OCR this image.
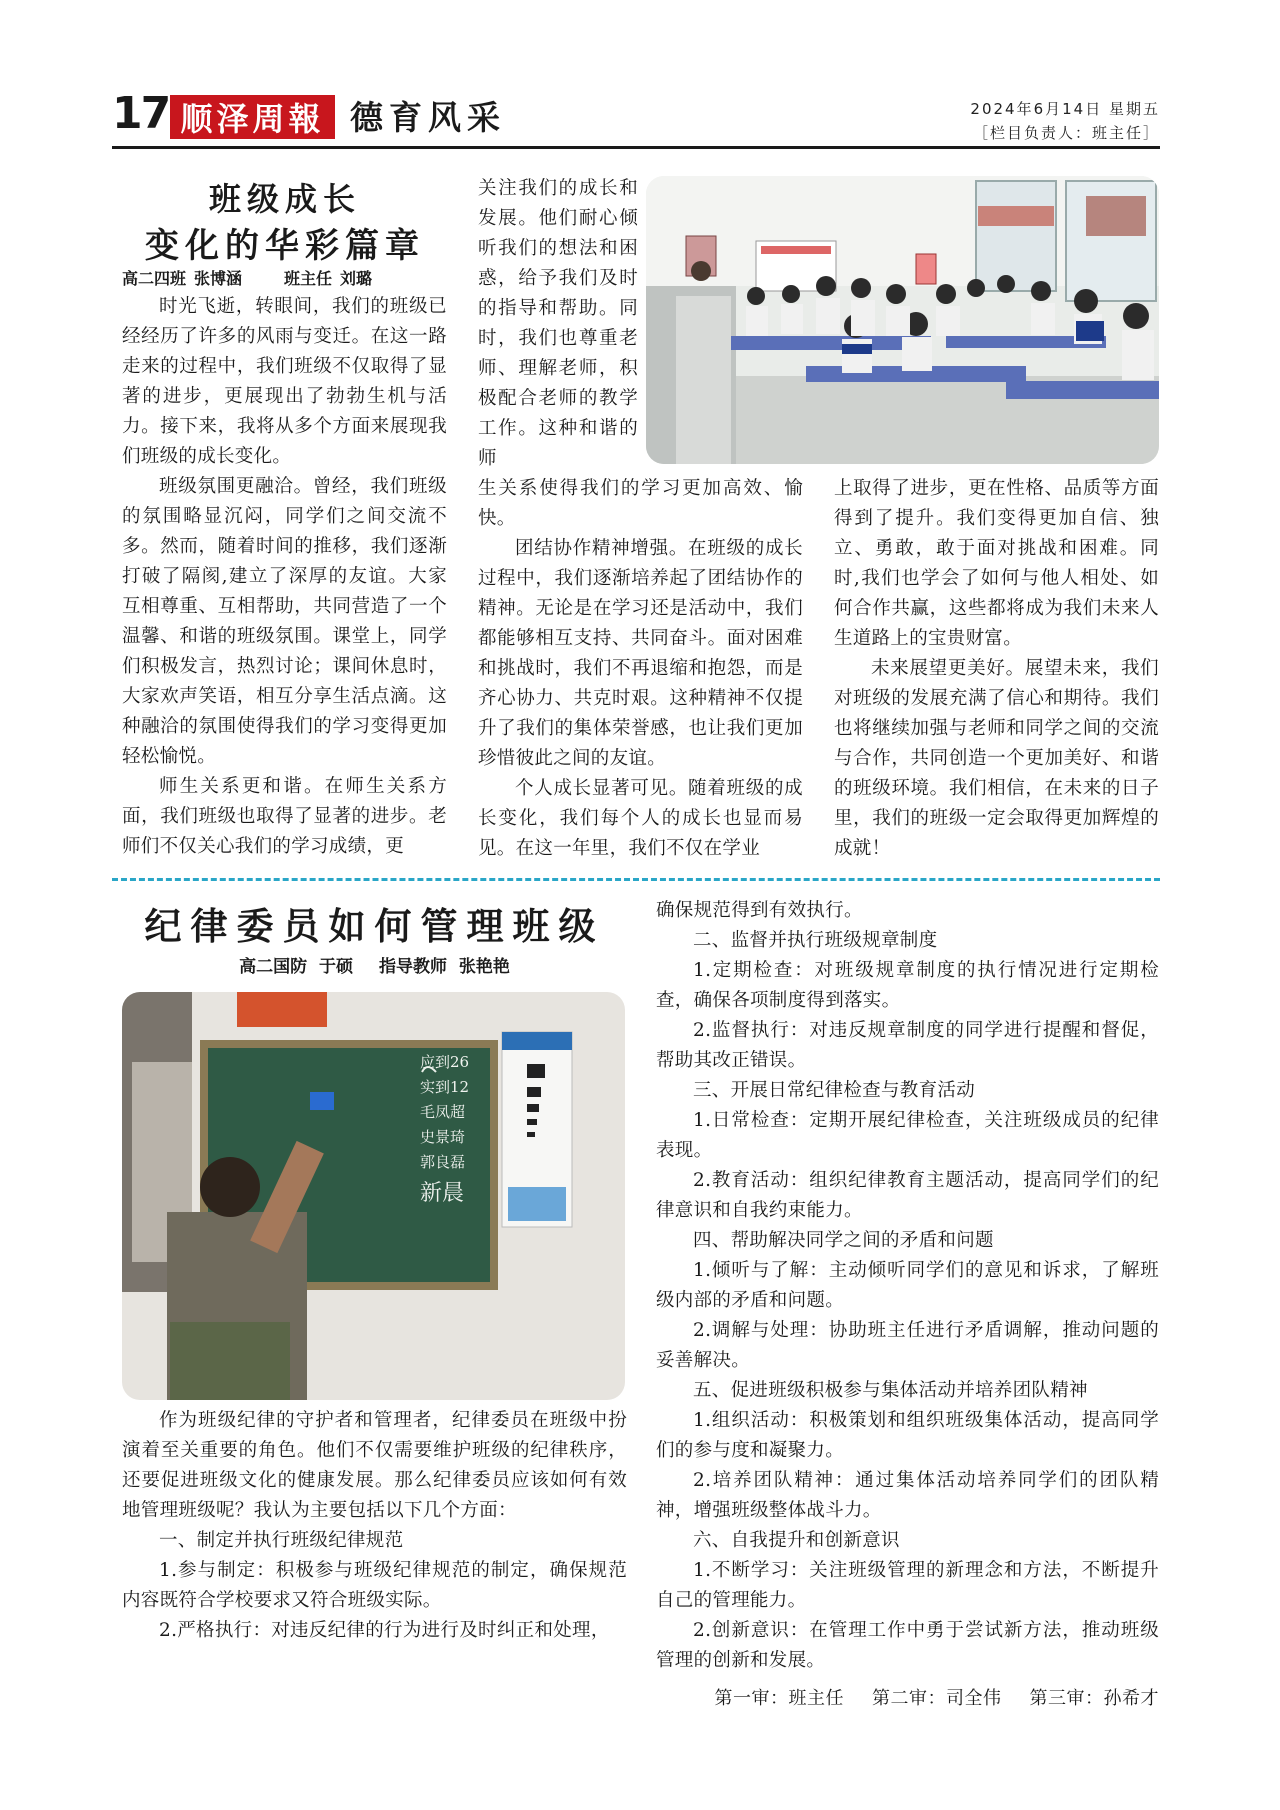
17 顺泽周報 德育风采	2024年6月14日 星期五
［栏目负责人：班主任］
班级成长
变化的华彩篇章
高二四班 张博涵	班主任 刘璐

时光飞逝，转眼间，我们的班级已经经历了许多的风雨与变迁。在这一路走来的过程中，我们班级不仅取得了显著的进步，更展现出了勃勃生机与活力。接下来，我将从多个方面来展现我们班级的成长变化。

班级氛围更融洽。曾经，我们班级的氛围略显沉闷，同学们之间交流不多。然而，随着时间的推移，我们逐渐打破了隔阂,建立了深厚的友谊。大家互相尊重、互相帮助，共同营造了一个温馨、和谐的班级氛围。课堂上，同学们积极发言，热烈讨论；课间休息时，大家欢声笑语，相互分享生活点滴。这种融洽的氛围使得我们的学习变得更加轻松愉悦。

师生关系更和谐。在师生关系方面，我们班级也取得了显著的进步。老师们不仅关心我们的学习成绩，更

关注我们的成长和发展。他们耐心倾听我们的想法和困惑，给予我们及时的指导和帮助。同时，我们也尊重老师、理解老师，积极配合老师的教学工作。这种和谐的师

生关系使得我们的学习更加高效、愉快。

团结协作精神增强。在班级的成长过程中，我们逐渐培养起了团结协作的精神。无论是在学习还是活动中，我们都能够相互支持、共同奋斗。面对困难和挑战时，我们不再退缩和抱怨，而是齐心协力、共克时艰。这种精神不仅提升了我们的集体荣誉感，也让我们更加珍惜彼此之间的友谊。

个人成长显著可见。随着班级的成长变化，我们每个人的成长也显而易见。在这一年里，我们不仅在学业

上取得了进步，更在性格、品质等方面得到了提升。我们变得更加自信、独立、勇敢，敢于面对挑战和困难。同时,我们也学会了如何与他人相处、如何合作共赢，这些都将成为我们未来人生道路上的宝贵财富。

未来展望更美好。展望未来，我们对班级的发展充满了信心和期待。我们也将继续加强与老师和同学之间的交流与合作，共同创造一个更加美好、和谐的班级环境。我们相信，在未来的日子里，我们的班级一定会取得更加辉煌的成就！

纪律委员如何管理班级
高二国防 于硕 指导教师 张艳艳
应到26
实到12
毛凤超
史景琦
郭良磊
新晨

作为班级纪律的守护者和管理者，纪律委员在班级中扮演着至关重要的角色。他们不仅需要维护班级的纪律秩序，还要促进班级文化的健康发展。那么纪律委员应该如何有效地管理班级呢？我认为主要包括以下几个方面：

一、制定并执行班级纪律规范

1.参与制定：积极参与班级纪律规范的制定，确保规范内容既符合学校要求又符合班级实际。

2.严格执行：对违反纪律的行为进行及时纠正和处理，

确保规范得到有效执行。

二、监督并执行班级规章制度

1.定期检查：对班级规章制度的执行情况进行定期检查，确保各项制度得到落实。

2.监督执行：对违反规章制度的同学进行提醒和督促，帮助其改正错误。

三、开展日常纪律检查与教育活动

1.日常检查：定期开展纪律检查，关注班级成员的纪律表现。

2.教育活动：组织纪律教育主题活动，提高同学们的纪律意识和自我约束能力。

四、帮助解决同学之间的矛盾和问题

1.倾听与了解：主动倾听同学们的意见和诉求，了解班级内部的矛盾和问题。

2.调解与处理：协助班主任进行矛盾调解，推动问题的妥善解决。

五、促进班级积极参与集体活动并培养团队精神

1.组织活动：积极策划和组织班级集体活动，提高同学们的参与度和凝聚力。

2.培养团队精神：通过集体活动培养同学们的团队精神，增强班级整体战斗力。

六、自我提升和创新意识

1.不断学习：关注班级管理的新理念和方法，不断提升自己的管理能力。

2.创新意识：在管理工作中勇于尝试新方法，推动班级管理的创新和发展。

第一审：班主任 第二审：司全伟 第三审：孙希才
